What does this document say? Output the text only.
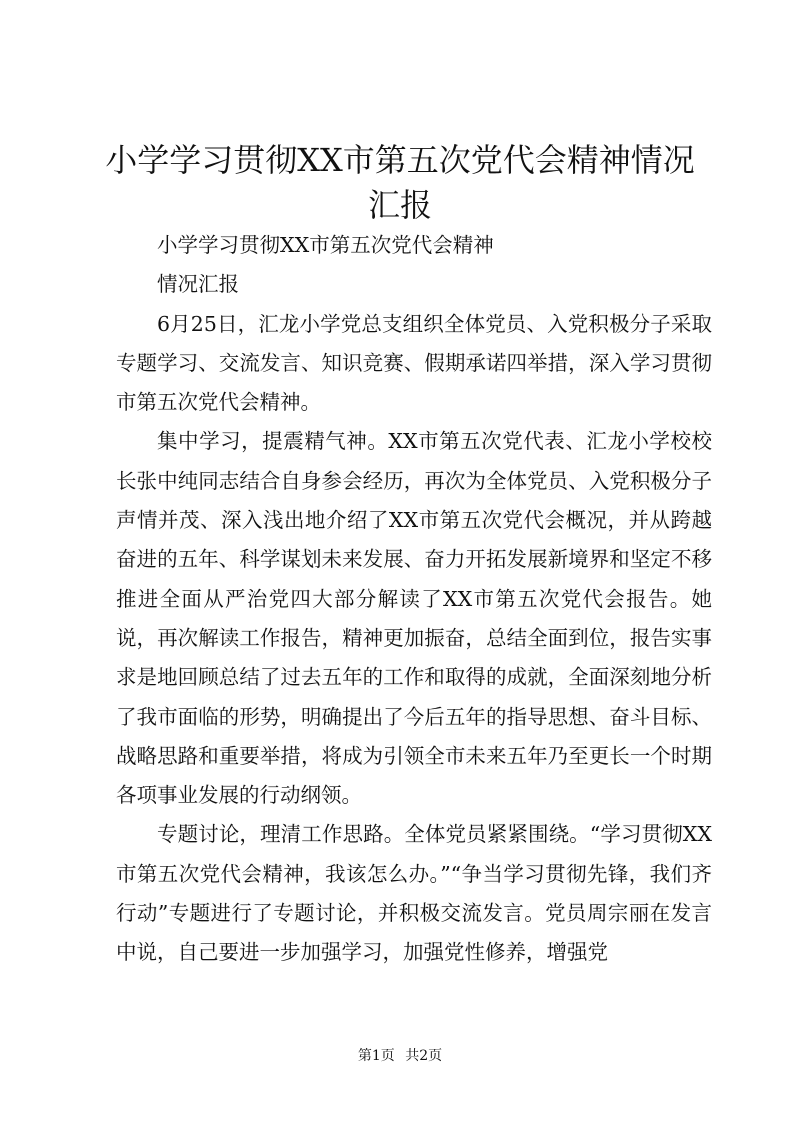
小学学习贯彻XX市第五次党代会精神情况汇报

小学学习贯彻XX市第五次党代会精神

情况汇报

6月25日，汇龙小学党总支组织全体党员、入党积极分子采取专题学习、交流发言、知识竞赛、假期承诺四举措，深入学习贯彻市第五次党代会精神。

集中学习，提震精气神。XX市第五次党代表、汇龙小学校校长张中纯同志结合自身参会经历，再次为全体党员、入党积极分子声情并茂、深入浅出地介绍了XX市第五次党代会概况，并从跨越奋进的五年、科学谋划未来发展、奋力开拓发展新境界和坚定不移推进全面从严治党四大部分解读了XX市第五次党代会报告。她说，再次解读工作报告，精神更加振奋，总结全面到位，报告实事求是地回顾总结了过去五年的工作和取得的成就，全面深刻地分析了我市面临的形势，明确提出了今后五年的指导思想、奋斗目标、战略思路和重要举措，将成为引领全市未来五年乃至更长一个时期各项事业发展的行动纲领。

专题讨论，理清工作思路。全体党员紧紧围绕。“学习贯彻XX市第五次党代会精神，我该怎么办。”“争当学习贯彻先锋，我们齐行动”专题进行了专题讨论，并积极交流发言。党员周宗丽在发言中说，自己要进一步加强学习，加强党性修养，增强党

第1页 共2页
